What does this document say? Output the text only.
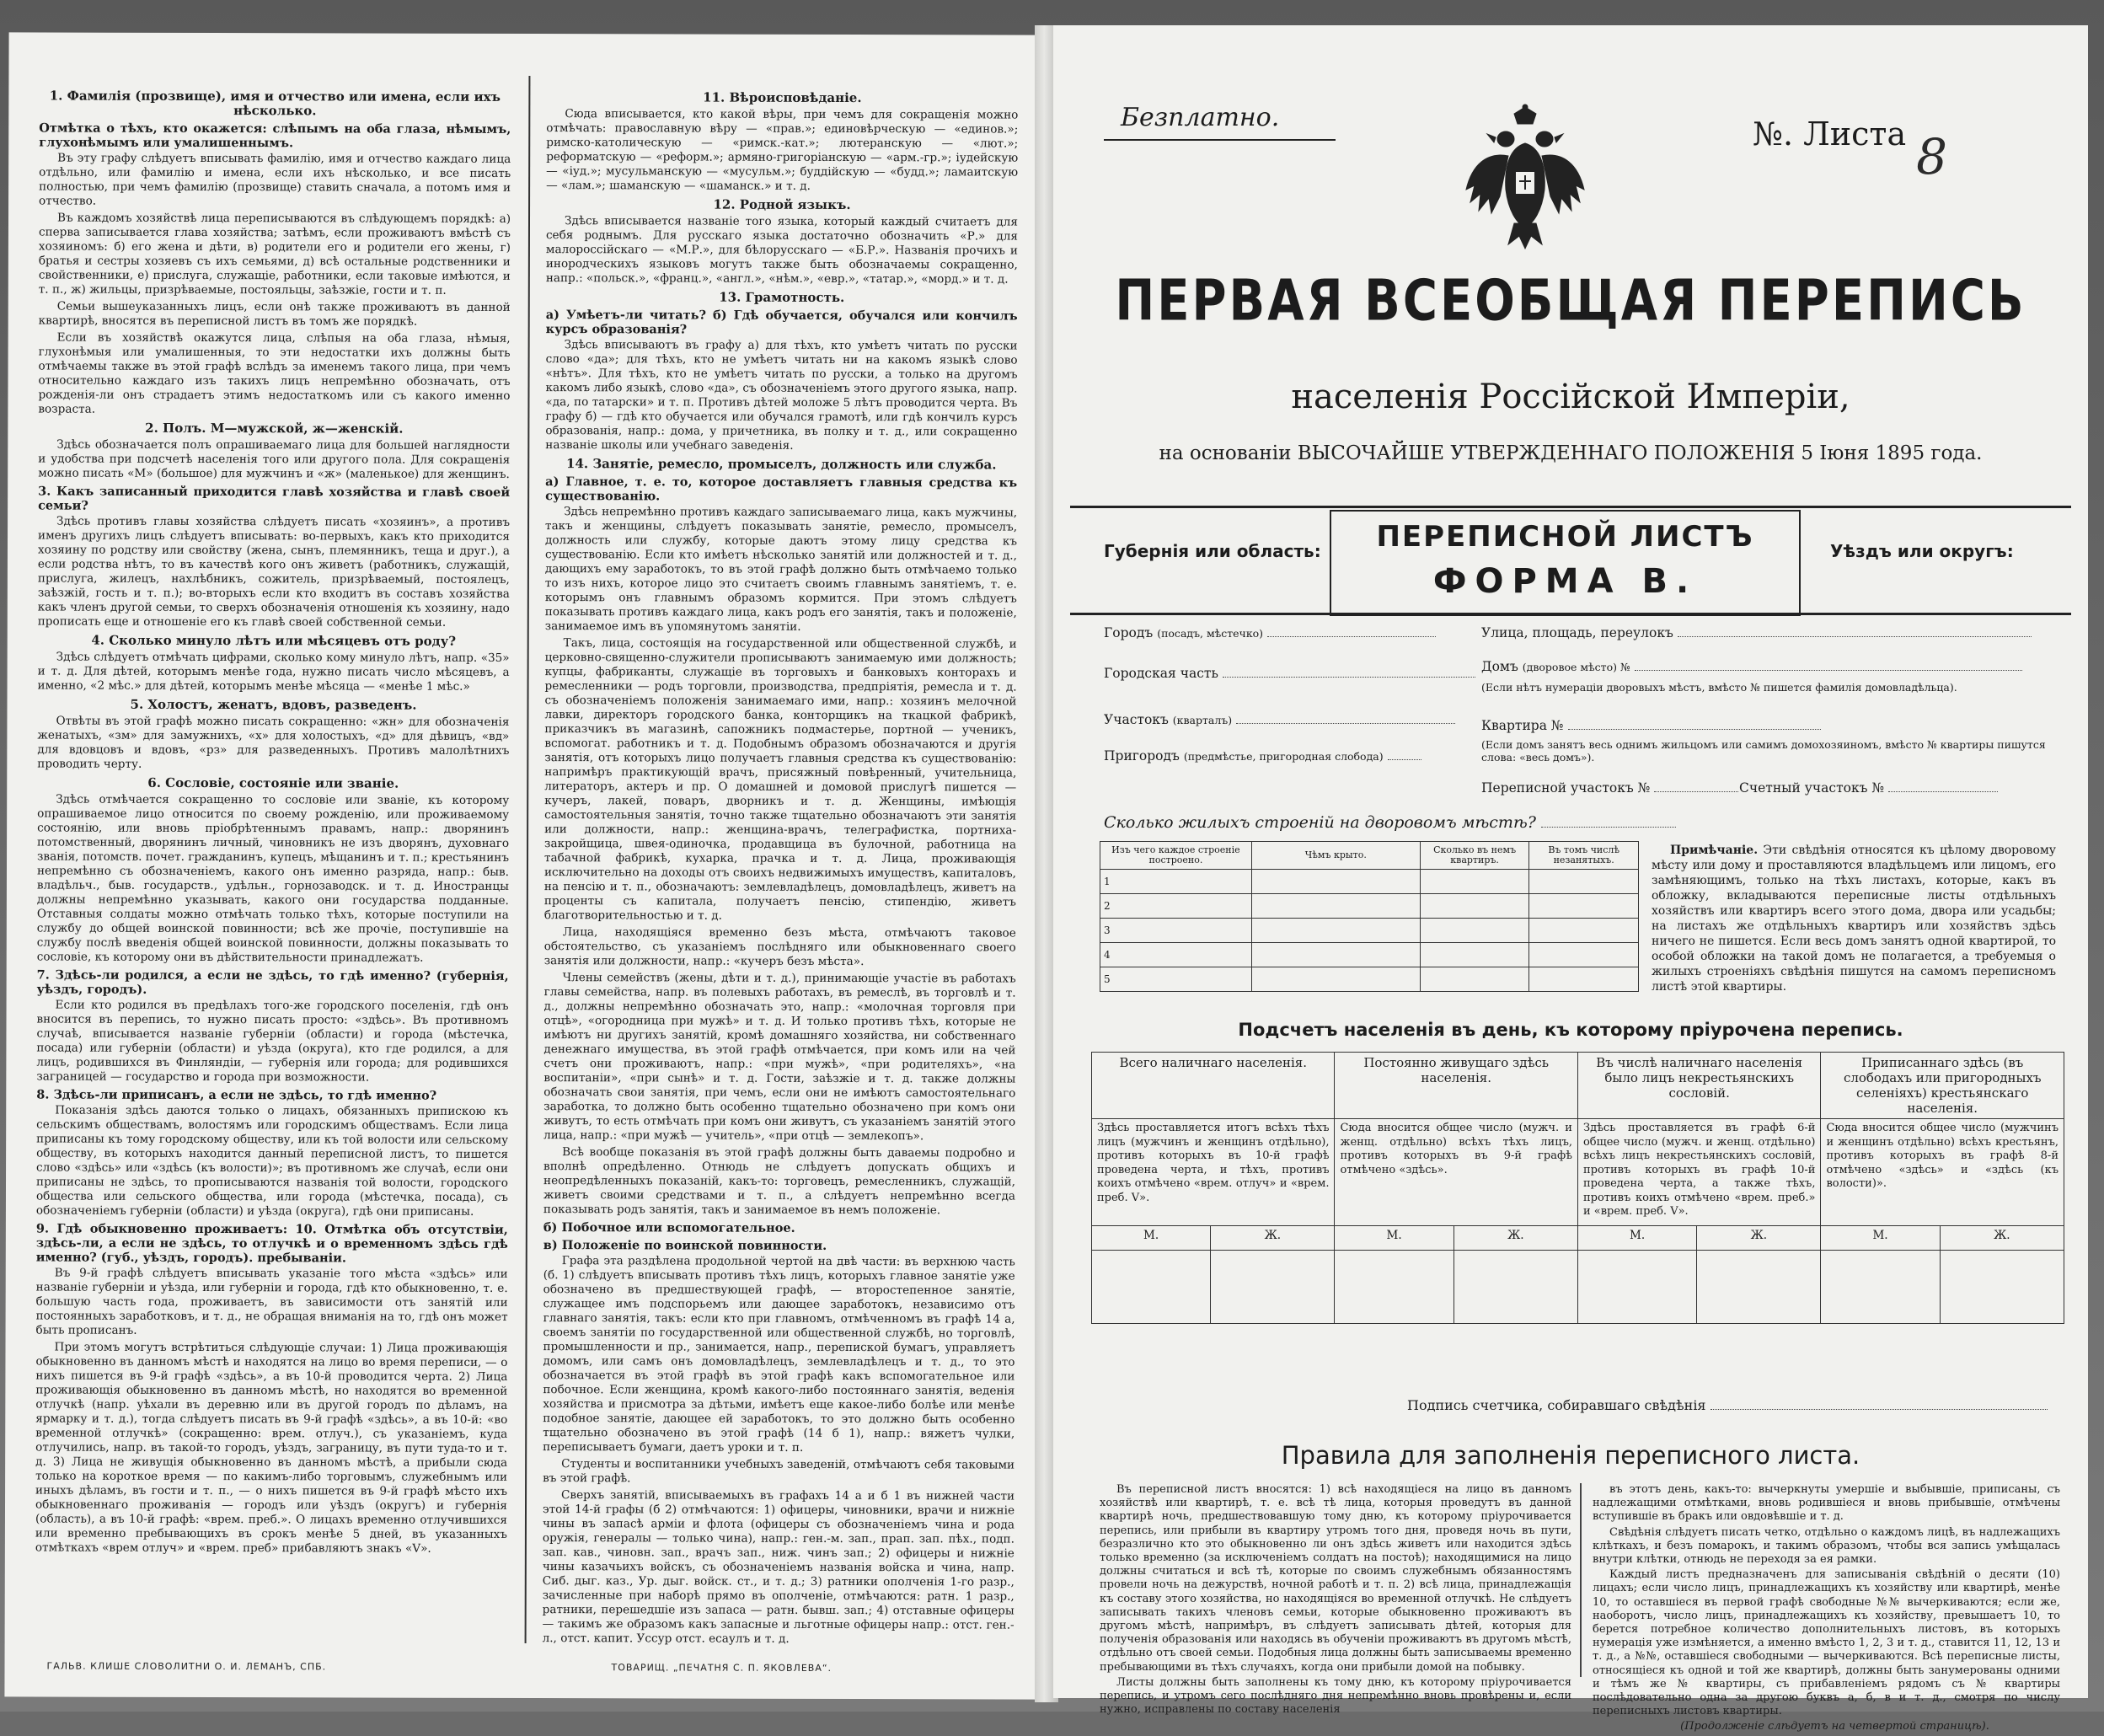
1. Фамилія (прозвище), имя и отчество или имена, если ихъ нѣсколько.

Отмѣтка о тѣхъ, кто окажется: слѣпымъ на оба глаза, нѣмымъ, глухонѣмымъ или умалишеннымъ.

Въ эту графу слѣдуетъ вписывать фамилію, имя и отчество каждаго лица отдѣльно, или фамилію и имена, если ихъ нѣсколько, и все писать полностью, при чемъ фамилію (прозвище) ставить сначала, а потомъ имя и отчество.

Въ каждомъ хозяйствѣ лица переписываются въ слѣдующемъ порядкѣ: а) сперва записывается глава хозяйства; затѣмъ, если проживаютъ вмѣстѣ съ хозяиномъ: б) его жена и дѣти, в) родители его и родители его жены, г) братья и сестры хозяевъ съ ихъ семьями, д) всѣ остальные родственники и свойственники, е) прислуга, служащіе, работники, если таковые имѣются, и т. п., ж) жильцы, призрѣваемые, постояльцы, заѣзжіе, гости и т. п.

Семьи вышеуказанныхъ лицъ, если онѣ также проживаютъ въ данной квартирѣ, вносятся въ переписной листъ въ томъ же порядкѣ.

Если въ хозяйствѣ окажутся лица, слѣпыя на оба глаза, нѣмыя, глухонѣмыя или умалишенныя, то эти недостатки ихъ должны быть отмѣчаемы также въ этой графѣ вслѣдъ за именемъ такого лица, при чемъ относительно каждаго изъ такихъ лицъ непремѣнно обозначать, отъ рожденія-ли онъ страдаетъ этимъ недостаткомъ или съ какого именно возраста.

2. Полъ. М—мужской, ж—женскій.

Здѣсь обозначается полъ опрашиваемаго лица для большей наглядности и удобства при подсчетѣ населенія того или другого пола. Для сокращенія можно писать «М» (большое) для мужчинъ и «ж» (маленькое) для женщинъ.

3. Какъ записанный приходится главѣ хозяйства и главѣ своей семьи?

Здѣсь противъ главы хозяйства слѣдуетъ писать «хозяинъ», а противъ именъ другихъ лицъ слѣдуетъ вписывать: во-первыхъ, какъ кто приходится хозяину по родству или свойству (жена, сынъ, племянникъ, теща и друг.), а если родства нѣтъ, то въ качествѣ кого онъ живетъ (работникъ, служащій, прислуга, жилецъ, нахлѣбникъ, сожитель, призрѣваемый, постоялецъ, заѣзжій, гость и т. п.); во-вторыхъ если кто входитъ въ составъ хозяйства какъ членъ другой семьи, то сверхъ обозначенія отношенія къ хозяину, надо прописать еще и отношеніе его къ главѣ своей собственной семьи.

4. Сколько минуло лѣтъ или мѣсяцевъ отъ роду?

Здѣсь слѣдуетъ отмѣчать цифрами, сколько кому минуло лѣтъ, напр. «35» и т. д. Для дѣтей, которымъ менѣе года, нужно писать число мѣсяцевъ, а именно, «2 мѣс.» для дѣтей, которымъ менѣе мѣсяца — «менѣе 1 мѣс.»

5. Холостъ, женатъ, вдовъ, разведенъ.

Отвѣты въ этой графѣ можно писать сокращенно: «жн» для обозначенія женатыхъ, «зм» для замужнихъ, «х» для холостыхъ, «д» для дѣвицъ, «вд» для вдовцовъ и вдовъ, «рз» для разведенныхъ. Противъ малолѣтнихъ проводить черту.

6. Сословіе, состояніе или званіе.

Здѣсь отмѣчается сокращенно то сословіе или званіе, къ которому опрашиваемое лицо относится по своему рожденію, или проживаемому состоянію, или вновь пріобрѣтеннымъ правамъ, напр.: дворянинъ потомственный, дворянинъ личный, чиновникъ не изъ дворянъ, духовнаго званія, потомств. почет. гражданинъ, купецъ, мѣщанинъ и т. п.; крестьянинъ непремѣнно съ обозначеніемъ, какого онъ именно разряда, напр.: быв. владѣльч., быв. государств., удѣльн., горнозаводск. и т. д. Иностранцы должны непремѣнно указывать, какого они государства подданные. Отставныя солдаты можно отмѣчать только тѣхъ, которые поступили на службу до общей воинской повинности; всѣ же прочіе, поступившіе на службу послѣ введенія общей воинской повинности, должны показывать то сословіе, къ которому они въ дѣйствительности принадлежатъ.

7. Здѣсь-ли родился, а если не здѣсь, то гдѣ именно? (губернія, уѣздъ, городъ).

Если кто родился въ предѣлахъ того-же городского поселенія, гдѣ онъ вносится въ перепись, то нужно писать просто: «здѣсь». Въ противномъ случаѣ, вписывается названіе губерніи (области) и города (мѣстечка, посада) или губерніи (области) и уѣзда (округа), кто где родился, а для лицъ, родившихся въ Финляндіи, — губернія или города; для родившихся заграницей — государство и города при возможности.

8. Здѣсь-ли приписанъ, а если не здѣсь, то гдѣ именно?

Показанія здѣсь даются только о лицахъ, обязанныхъ припискою къ сельскимъ обществамъ, волостямъ или городскимъ обществамъ. Если лица приписаны къ тому городскому обществу, или къ той волости или сельскому обществу, въ которыхъ находится данный переписной листъ, то пишется слово «здѣсь» или «здѣсь (къ волости)»; въ противномъ же случаѣ, если они приписаны не здѣсь, то прописываются названія той волости, городского общества или сельского общества, или города (мѣстечка, посада), съ обозначеніемъ губерніи (области) и уѣзда (округа), гдѣ они приписаны.

9. Гдѣ обыкновенно проживаетъ: 10. Отмѣтка объ отсутствіи, здѣсь-ли, а если не здѣсь, то отлучкѣ и о временномъ здѣсь гдѣ именно? (губ., уѣздъ, городъ). пребываніи.

Въ 9-й графѣ слѣдуетъ вписывать указаніе того мѣста «здѣсь» или названіе губерніи и уѣзда, или губерніи и города, гдѣ кто обыкновенно, т. е. большую часть года, проживаетъ, въ зависимости отъ занятій или постоянныхъ заработковъ, и т. д., не обращая вниманія на то, гдѣ онъ может быть прописанъ.

При этомъ могутъ встрѣтиться слѣдующіе случаи: 1) Лица проживающія обыкновенно въ данномъ мѣстѣ и находятся на лицо во время переписи, — о нихъ пишется въ 9-й графѣ «здѣсь», а въ 10-й проводится черта. 2) Лица проживающія обыкновенно въ данномъ мѣстѣ, но находятся во временной отлучкѣ (напр. уѣхали въ деревню или въ другой городъ по дѣламъ, на ярмарку и т. д.), тогда слѣдуетъ писать въ 9-й графѣ «здѣсь», а въ 10-й: «во временной отлучкѣ» (сокращенно: врем. отлуч.), съ указаніемъ, куда отлучились, напр. въ такой-то городъ, уѣздъ, заграницу, въ пути туда-то и т. д. 3) Лица не живущія обыкновенно въ данномъ мѣстѣ, а прибыли сюда только на короткое время — по какимъ-либо торговымъ, служебнымъ или иныхъ дѣламъ, въ гости и т. п., — о нихъ пишется въ 9-й графѣ мѣсто ихъ обыкновеннаго проживанія — городъ или уѣздъ (округъ) и губернія (область), а въ 10-й графѣ: «врем. преб.». О лицахъ временно отлучившихся или временно пребывающихъ въ срокъ менѣе 5 дней, въ указанныхъ отмѣткахъ «врем отлуч» и «врем. преб» прибавляютъ знакъ «V».

11. Вѣроисповѣданіе.

Сюда вписывается, кто какой вѣры, при чемъ для сокращенія можно отмѣчать: православную вѣру — «прав.»; единовѣрческую — «единов.»; римско-католическую — «римск.-кат.»; лютеранскую — «лют.»; реформатскую — «реформ.»; армяно-григоріанскую — «арм.-гр.»; іудейскую — «іуд.»; мусульманскую — «мусульм.»; буддійскую — «будд.»; ламаитскую — «лам.»; шаманскую — «шаманск.» и т. д.

12. Родной языкъ.

Здѣсь вписывается названіе того языка, который каждый считаетъ для себя роднымъ. Для русскаго языка достаточно обозначить «Р.» для малороссійскаго — «М.Р.», для бѣлорусскаго — «Б.Р.». Названія прочихъ и инородческихъ языковъ могутъ также быть обозначаемы сокращенно, напр.: «польск.», «франц.», «англ.», «нѣм.», «евр.», «татар.», «морд.» и т. д.

13. Грамотность.

а) Умѣетъ-ли читать? б) Гдѣ обучается, обучался или кончилъ курсъ образованія?

Здѣсь вписываютъ въ графу а) для тѣхъ, кто умѣетъ читать по русски слово «да»; для тѣхъ, кто не умѣетъ читать ни на какомъ языкѣ слово «нѣтъ». Для тѣхъ, кто не умѣетъ читать по русски, а только на другомъ какомъ либо языкѣ, слово «да», съ обозначеніемъ этого другого языка, напр. «да, по татарски» и т. п. Противъ дѣтей моложе 5 лѣтъ проводится черта. Въ графу б) — гдѣ кто обучается или обучался грамотѣ, или гдѣ кончилъ курсъ образованія, напр.: дома, у причетника, въ полку и т. д., или сокращенно названіе школы или учебнаго заведенія.

14. Занятіе, ремесло, промыселъ, должность или служба.

а) Главное, т. е. то, которое доставляетъ главныя средства къ существованію.

Здѣсь непремѣнно противъ каждаго записываемаго лица, какъ мужчины, такъ и женщины, слѣдуетъ показывать занятіе, ремесло, промыселъ, должность или службу, которые даютъ этому лицу средства къ существованію. Если кто имѣетъ нѣсколько занятій или должностей и т. д., дающихъ ему заработокъ, то въ этой графѣ должно быть отмѣчаемо только то изъ нихъ, которое лицо это считаетъ своимъ главнымъ занятіемъ, т. е. которымъ онъ главнымъ образомъ кормится. При этомъ слѣдуетъ показывать противъ каждаго лица, какъ родъ его занятія, такъ и положеніе, занимаемое имъ въ упомянутомъ занятіи.

Такъ, лица, состоящія на государственной или общественной службѣ, и церковно-священно-служители прописываютъ занимаемую ими должность; купцы, фабриканты, служащіе въ торговыхъ и банковыхъ конторахъ и ремесленники — родъ торговли, производства, предпріятія, ремесла и т. д. съ обозначеніемъ положенія занимаемаго ими, напр.: хозяинъ мелочной лавки, директоръ городского банка, конторщикъ на ткацкой фабрикѣ, приказчикъ въ магазинѣ, сапожникъ подмастерье, портной — ученикъ, вспомогат. работникъ и т. д. Подобнымъ образомъ обозначаются и другія занятія, отъ которыхъ лицо получаетъ главныя средства къ существованію: напримѣръ практикующій врачъ, присяжный повѣренный, учительница, литераторъ, актеръ и пр. О домашней и домовой прислугѣ пишется — кучеръ, лакей, поваръ, дворникъ и т. д. Женщины, имѣющія самостоятельныя занятія, точно также тщательно обозначаютъ эти занятія или должности, напр.: женщина-врачъ, телеграфистка, портниха-закройщица, швея-одиночка, продавщица въ булочной, работница на табачной фабрикѣ, кухарка, прачка и т. д. Лица, проживающія исключительно на доходы отъ своихъ недвижимыхъ имуществъ, капиталовъ, на пенсію и т. п., обозначаютъ: землевладѣлецъ, домовладѣлецъ, живетъ на проценты съ капитала, получаетъ пенсію, стипендію, живетъ благотворительностью и т. д.

Лица, находящіяся временно безъ мѣста, отмѣчаютъ таковое обстоятельство, съ указаніемъ послѣдняго или обыкновеннаго своего занятія или должности, напр.: «кучеръ безъ мѣста».

Члены семействъ (жены, дѣти и т. д.), принимающіе участіе въ работахъ главы семейства, напр. въ полевыхъ работахъ, въ ремеслѣ, въ торговлѣ и т. д., должны непремѣнно обозначать это, напр.: «молочная торговля при отцѣ», «огородница при мужѣ» и т. д. И только противъ тѣхъ, которые не имѣютъ ни другихъ занятій, кромѣ домашняго хозяйства, ни собственнаго денежнаго имущества, въ этой графѣ отмѣчается, при комъ или на чей счетъ они проживаютъ, напр.: «при мужѣ», «при родителяхъ», «на воспитаніи», «при сынѣ» и т. д. Гости, заѣзжіе и т. д. также должны обозначать свои занятія, при чемъ, если они не имѣютъ самостоятельнаго заработка, то должно быть особенно тщательно обозначено при комъ они живутъ, то есть отмѣчать при комъ они живутъ, съ указаніемъ занятій этого лица, напр.: «при мужѣ — учитель», «при отцѣ — землекопъ».

Всѣ вообще показанія въ этой графѣ должны быть даваемы подробно и вполнѣ опредѣленно. Отнюдь не слѣдуетъ допускать общихъ и неопредѣленныхъ показаній, какъ-то: торговецъ, ремесленникъ, служащій, живетъ своими средствами и т. п., а слѣдуетъ непремѣнно всегда показывать родъ занятія, такъ и занимаемое въ немъ положеніе.

б) Побочное или вспомогательное.

в) Положеніе по воинской повинности.

Графа эта раздѣлена продольной чертой на двѣ части: въ верхнюю часть (б. 1) слѣдуетъ вписывать противъ тѣхъ лицъ, которыхъ главное занятіе уже обозначено въ предшествующей графѣ, — второстепенное занятіе, служащее имъ подспорьемъ или дающее заработокъ, независимо отъ главнаго занятія, такъ: если кто при главномъ, отмѣченномъ въ графѣ 14 а, своемъ занятіи по государственной или общественной службѣ, но торговлѣ, промышленности и пр., занимается, напр., перепиской бумагъ, управляетъ домомъ, или самъ онъ домовладѣлецъ, землевладѣлецъ и т. д., то это обозначается въ этой графѣ въ этой графѣ какъ вспомогательное или побочное. Если женщина, кромѣ какого-либо постояннаго занятія, веденія хозяйства и присмотра за дѣтьми, имѣетъ еще какое-либо болѣе или менѣе подобное занятіе, дающее ей заработокъ, то это должно быть особенно тщательно обозначено въ этой графѣ (14 б 1), напр.: вяжетъ чулки, переписываетъ бумаги, даетъ уроки и т. п.

Студенты и воспитанники учебныхъ заведеній, отмѣчаютъ себя таковыми въ этой графѣ.

Сверхъ занятій, вписываемыхъ въ графахъ 14 а и б 1 въ нижней части этой 14-й графы (б 2) отмѣчаются: 1) офицеры, чиновники, врачи и нижніе чины въ запасѣ арміи и флота (офицеры съ обозначеніемъ чина и рода оружія, генералы — только чина), напр.: ген.-м. зап., прап. зап. пѣх., подп. зап. кав., чиновн. зап., врачъ зап., ниж. чинъ зап.; 2) офицеры и нижніе чины казачьихъ войскъ, съ обозначеніемъ названія войска и чина, напр. Сиб. дыг. каз., Ур. дыг. войск. ст., и т. д.; 3) ратники ополченія 1-го разр., зачисленные при наборѣ прямо въ ополченіе, отмѣчаются: ратн. 1 разр., ратники, перешедшіе изъ запаса — ратн. бывш. зап.; 4) отставные офицеры — такимъ же образомъ какъ запасные и льготные офицеры напр.: отст. ген.-л., отст. капит. Уссур отст. есаулъ и т. д.

ГАЛЬВ. КЛИШЕ СЛОВОЛИТНИ О. И. ЛЕМАНЪ, СПБ.	ТОВАРИЩ. „ПЕЧАТНЯ С. П. ЯКОВЛЕВА“.
Безплатно.	№. Листа 8
ПЕРВАЯ ВСЕОБЩАЯ ПЕРЕПИСЬ
населенія Россійской Имперіи,
на основаніи ВЫСОЧАЙШЕ УТВЕРЖДЕННАГО ПОЛОЖЕНІЯ 5 Іюня 1895 года.
Губернія или область:	ПЕРЕПИСНОЙ ЛИСТЪ
ФОРМА В.
Уѣздъ или округъ:
Городъ (посадъ, мѣстечко)
Городская часть
Участокъ (кварталъ)
Пригородъ (предмѣстье, пригородная слобода)
Улица, площадь, переулокъ
Домъ (дворовое мѣсто) №
(Если нѣтъ нумераціи дворовыхъ мѣстъ, вмѣсто № пишется фамилія домовладѣльца).
Квартира №
(Если домъ занятъ весь однимъ жильцомъ или самимъ домохозяиномъ, вмѣсто № квартиры пишутся слова: «весь домъ»).
Переписной участокъ №	Счетный участокъ №
Сколько жилыхъ строеній на дворовомъ мѣстѣ?
Изъ чего каждое строеніе построено.	Чѣмъ крыто.	Сколько въ немъ квартиръ.	Въ томъ числѣ незанятыхъ.
1			
2			
3			
4			
5			
Примѣчаніе. Эти свѣдѣнія относятся къ цѣлому дворовому мѣсту или дому и проставляются владѣльцемъ или лицомъ, его замѣняющимъ, только на тѣхъ листахъ, которые, какъ въ обложку, вкладываются переписные листы отдѣльныхъ хозяйствъ или квартиръ всего этого дома, двора или усадьбы; на листахъ же отдѣльныхъ квартиръ или хозяйствъ здѣсь ничего не пишется. Если весь домъ занятъ одной квартирой, то особой обложки на такой домъ не полагается, а требуемыя о жилыхъ строеніяхъ свѣдѣнія пишутся на самомъ переписномъ листѣ этой квартиры.
Подсчетъ населенія въ день, къ которому пріурочена перепись.
Всего наличнаго населенія.		Постоянно живущаго здѣсь населенія.		Въ числѣ наличнаго населенія было лицъ некрестьянскихъ сословій.		Приписаннаго здѣсь (въ слободахъ или пригородныхъ селеніяхъ) крестьянскаго населенія.	
Здѣсь проставляется итогъ всѣхъ тѣхъ лицъ (мужчинъ и женщинъ отдѣльно), противъ которыхъ въ 10-й графѣ проведена черта, и тѣхъ, противъ коихъ отмѣчено «врем. отлуч» и «врем. преб. V».		Сюда вносится общее число (мужч. и женщ. отдѣльно) всѣхъ тѣхъ лицъ, противъ которыхъ въ 9-й графѣ отмѣчено «здѣсь».		Здѣсь проставляется въ графѣ 6-й общее число (мужч. и женщ. отдѣльно) всѣхъ лицъ некрестьянскихъ сословій, противъ которыхъ въ графѣ 10-й проведена черта, а также тѣхъ, противъ коихъ отмѣчено «врем. преб.» и «врем. преб. V».		Сюда вносится общее число (мужчинъ и женщинъ отдѣльно) всѣхъ крестьянъ, противъ которыхъ въ графѣ 8-й отмѣчено «здѣсь» и «здѣсь (къ волости)».	
М.	Ж.	М.	Ж.	М.	Ж.	М.	Ж.

Подпись счетчика, собиравшаго свѣдѣнія
Правила для заполненія переписного листа.

Въ переписной листъ вносятся: 1) всѣ находящіеся на лицо въ данномъ хозяйствѣ или квартирѣ, т. е. всѣ тѣ лица, которыя проведутъ въ данной квартирѣ ночь, предшествовавшую тому дню, къ которому пріурочивается перепись, или прибыли въ квартиру утромъ того дня, проведя ночь въ пути, безразлично кто это обыкновенно ли онъ здѣсь живетъ или находится здѣсь только временно (за исключеніемъ солдатъ на постоѣ); находящимися на лицо должны считаться и всѣ тѣ, которые по своимъ служебнымъ обязанностямъ провели ночь на дежурствѣ, ночной работѣ и т. п. 2) всѣ лица, принадлежащія къ составу этого хозяйства, но находящіяся во временной отлучкѣ. Не слѣдуетъ записывать такихъ членовъ семьи, которые обыкновенно проживаютъ въ другомъ мѣстѣ, напримѣръ, въ слѣдуетъ записывать дѣтей, которыя для полученія образованія или находясь въ обученіи проживаютъ въ другомъ мѣстѣ, отдѣльно отъ своей семьи. Подобныя лица должны быть записываемы временно пребывающими въ тѣхъ случаяхъ, когда они прибыли домой на побывку.

Листы должны быть заполнены къ тому дню, къ которому пріурочивается перепись, и утромъ сего послѣдняго дня непремѣнно вновь провѣрены и, если нужно, исправлены по составу населенія

въ этотъ день, какъ-то: вычеркнуты умершіе и выбывшіе, приписаны, съ надлежащими отмѣтками, вновь родившіеся и вновь прибывшіе, отмѣчены вступившіе въ бракъ или овдовѣвшіе и т. д.

Свѣдѣнія слѣдуетъ писать четко, отдѣльно о каждомъ лицѣ, въ надлежащихъ клѣткахъ, и безъ помарокъ, и такимъ образомъ, чтобы вся запись умѣщалась внутри клѣтки, отнюдь не переходя за ея рамки.

Каждый листъ предназначенъ для записыванія свѣдѣній о десяти (10) лицахъ; если число лицъ, принадлежащихъ къ хозяйству или квартирѣ, менѣе 10, то оставшіеся въ первой графѣ свободные №№ вычеркиваются; если же, наоборотъ, число лицъ, принадлежащихъ къ хозяйству, превышаетъ 10, то берется потребное количество дополнительныхъ листовъ, въ которыхъ нумерація уже измѣняется, а именно вмѣсто 1, 2, 3 и т. д., ставится 11, 12, 13 и т. д., а №№, оставшіеся свободными — вычеркиваются. Всѣ переписные листы, относящіеся къ одной и той же квартирѣ, должны быть занумерованы одними и тѣмъ же № квартиры, съ прибавленіемъ рядомъ съ № квартиры послѣдовательно одна за другою буквъ а, б, в и т. д., смотря по числу переписныхъ листовъ квартиры.

(Продолженіе слѣдуетъ на четвертой страницѣ).
